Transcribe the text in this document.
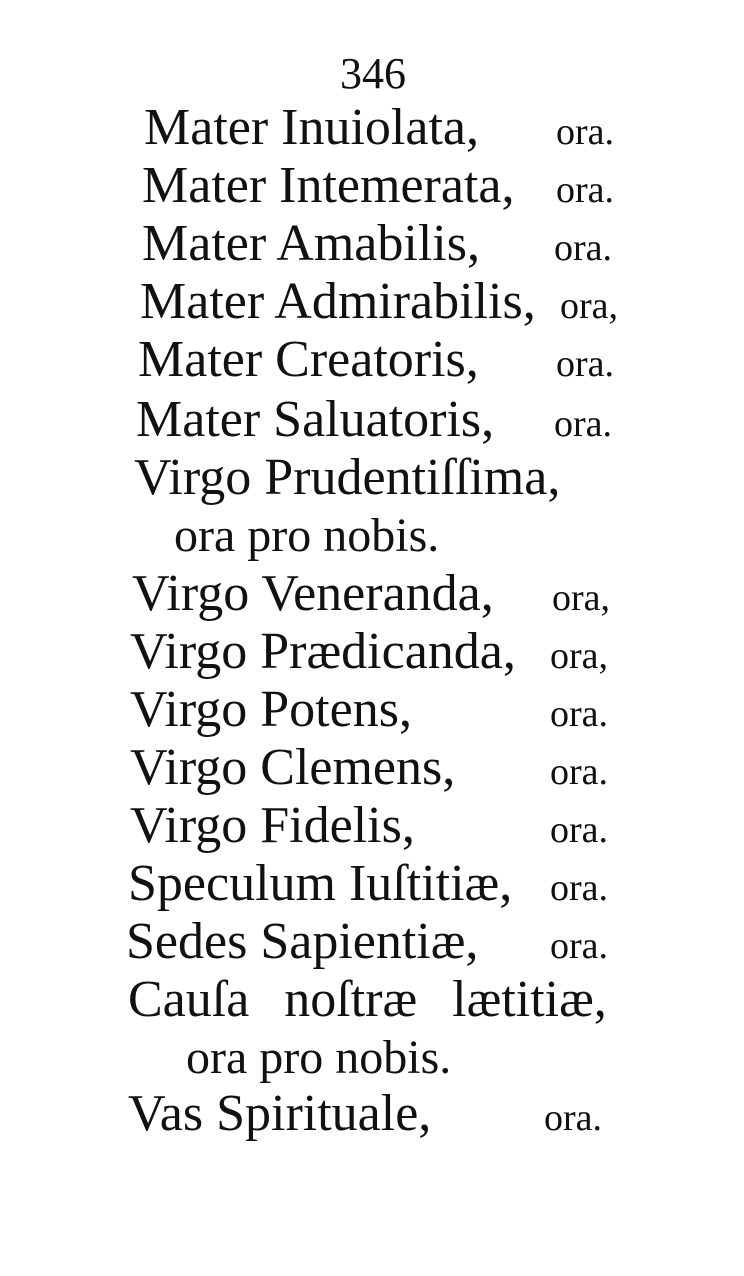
346
Mater Inuiolata, ora.
Mater Intemerata, ora.
Mater Amabilis, ora.
Mater Admirabilis, ora,
Mater Creatoris, ora.
Mater Saluatoris, ora.
Virgo Prudentiſſima,
ora pro nobis.
Virgo Veneranda, ora,
Virgo Prædicanda, ora,
Virgo Potens,	ora.
Virgo Clemens, ora.
Virgo Fidelis,	ora.
Speculum Iuſtitiæ, ora.
Sedes Sapientiæ, ora.
Cauſa noſtræ lætitiæ,
ora pro nobis.
Vas Spirituale,	ora.
